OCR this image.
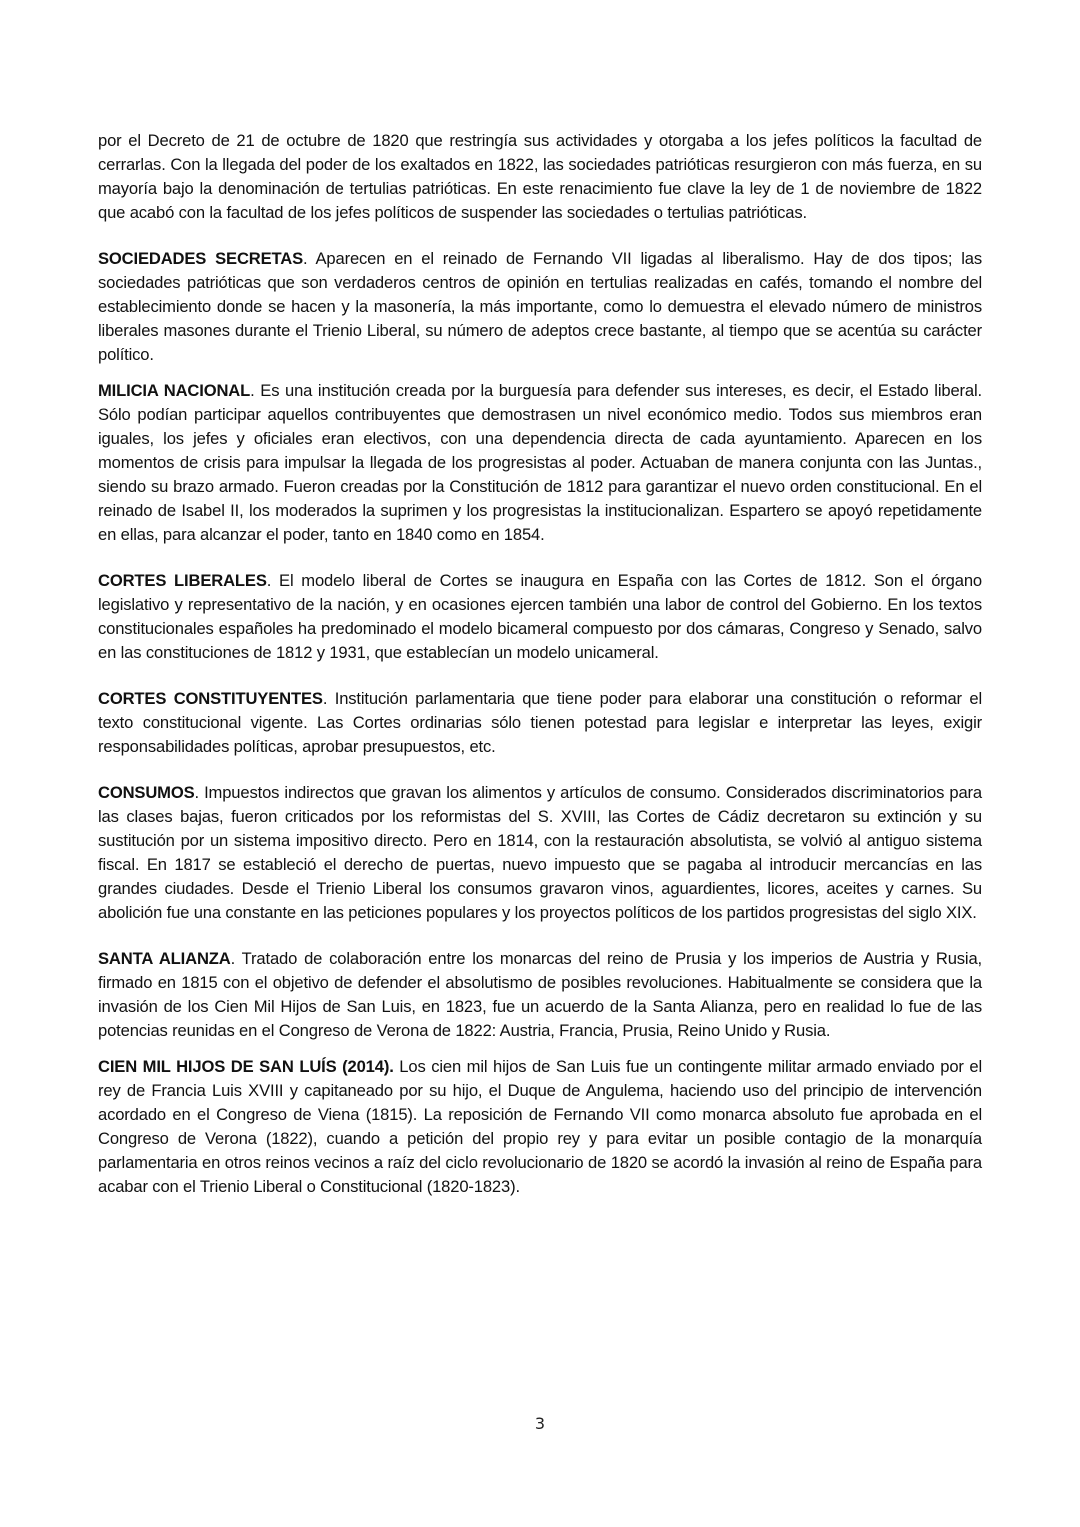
por el Decreto de 21 de octubre de 1820 que restringía sus actividades y otorgaba a los jefes políticos la facultad de cerrarlas. Con la llegada del poder de los exaltados en 1822, las sociedades patrióticas resurgieron con más fuerza, en su mayoría bajo la denominación de tertulias patrióticas. En este renacimiento fue clave la ley de 1 de noviembre de 1822 que acabó con la facultad de los jefes políticos de suspender las sociedades o tertulias patrióticas.

SOCIEDADES SECRETAS. Aparecen en el reinado de Fernando VII ligadas al liberalismo. Hay de dos tipos; las sociedades patrióticas que son verdaderos centros de opinión en tertulias realizadas en cafés, tomando el nombre del establecimiento donde se hacen y la masonería, la más importante, como lo demuestra el elevado número de ministros liberales masones durante el Trienio Liberal, su número de adeptos crece bastante, al tiempo que se acentúa su carácter político.

MILICIA NACIONAL. Es una institución creada por la burguesía para defender sus intereses, es decir, el Estado liberal. Sólo podían participar aquellos contribuyentes que demostrasen un nivel económico medio. Todos sus miembros eran iguales, los jefes y oficiales eran electivos, con una dependencia directa de cada ayuntamiento. Aparecen en los momentos de crisis para impulsar la llegada de los progresistas al poder. Actuaban de manera conjunta con las Juntas., siendo su brazo armado. Fueron creadas por la Constitución de 1812 para garantizar el nuevo orden constitucional. En el reinado de Isabel II, los moderados la suprimen y los progresistas la institucionalizan. Espartero se apoyó repetidamente en ellas, para alcanzar el poder, tanto en 1840 como en 1854.

CORTES LIBERALES. El modelo liberal de Cortes se inaugura en España con las Cortes de 1812. Son el órgano legislativo y representativo de la nación, y en ocasiones ejercen también una labor de control del Gobierno. En los textos constitucionales españoles ha predominado el modelo bicameral compuesto por dos cámaras, Congreso y Senado, salvo en las constituciones de 1812 y 1931, que establecían un modelo unicameral.

CORTES CONSTITUYENTES. Institución parlamentaria que tiene poder para elaborar una constitución o reformar el texto constitucional vigente. Las Cortes ordinarias sólo tienen potestad para legislar e interpretar las leyes, exigir responsabilidades políticas, aprobar presupuestos, etc.

CONSUMOS. Impuestos indirectos que gravan los alimentos y artículos de consumo. Considerados discriminatorios para las clases bajas, fueron criticados por los reformistas del S. XVIII, las Cortes de Cádiz decretaron su extinción y su sustitución por un sistema impositivo directo. Pero en 1814, con la restauración absolutista, se volvió al antiguo sistema fiscal. En 1817 se estableció el derecho de puertas, nuevo impuesto que se pagaba al introducir mercancías en las grandes ciudades. Desde el Trienio Liberal los consumos gravaron vinos, aguardientes, licores, aceites y carnes. Su abolición fue una constante en las peticiones populares y los proyectos políticos de los partidos progresistas del siglo XIX.

SANTA ALIANZA. Tratado de colaboración entre los monarcas del reino de Prusia y los imperios de Austria y Rusia, firmado en 1815 con el objetivo de defender el absolutismo de posibles revoluciones. Habitualmente se considera que la invasión de los Cien Mil Hijos de San Luis, en 1823, fue un acuerdo de la Santa Alianza, pero en realidad lo fue de las potencias reunidas en el Congreso de Verona de 1822: Austria, Francia, Prusia, Reino Unido y Rusia.

CIEN MIL HIJOS DE SAN LUÍS (2014). Los cien mil hijos de San Luis fue un contingente militar armado enviado por el rey de Francia Luis XVIII y capitaneado por su hijo, el Duque de Angulema, haciendo uso del principio de intervención acordado en el Congreso de Viena (1815). La reposición de Fernando VII como monarca absoluto fue aprobada en el Congreso de Verona (1822), cuando a petición del propio rey y para evitar un posible contagio de la monarquía parlamentaria en otros reinos vecinos a raíz del ciclo revolucionario de 1820 se acordó la invasión al reino de España para acabar con el Trienio Liberal o Constitucional (1820-1823).

3
